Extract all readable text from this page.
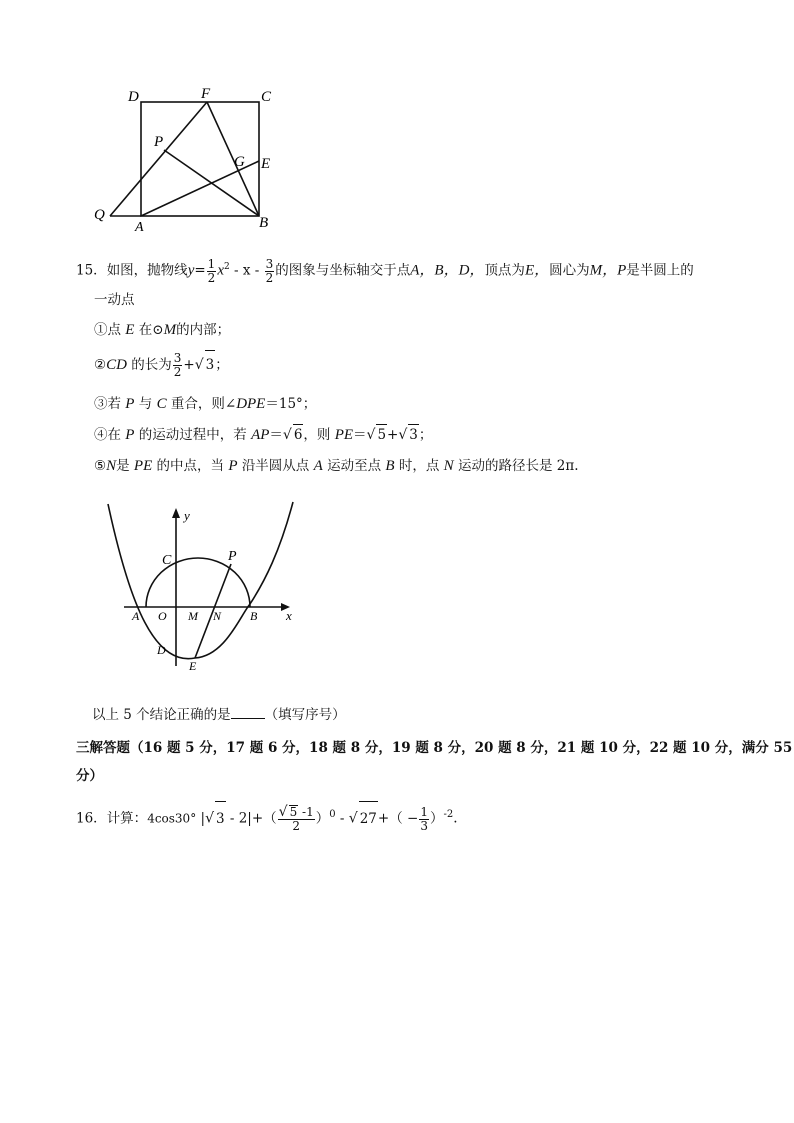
D	F	C
P
G E
Q
A	B
15．如图，抛物线$y= \frac{1}{2} x^2 - x - \frac{3}{2}$ 的图象与坐标轴交于点A，B，D，顶点为E，圆心为M，P是半圆上的
一动点
①点 E 在⊙M的内部；
②CD 的长为 $\frac{3}{2}$ +√ 3；
③若 P 与 C 重合，则∠DPE＝15°；
④在 P 的运动过程中，若 AP＝√ 6，则 PE＝√ 5+√ 3；
⑤N是 PE 的中点，当 P 沿半圆从点 A 运动至点 B 时，点 N 运动的路径长是 2π.
y
x
C	P
A O M N B
D
E
以上 5 个结论正确的是	（填写序号）
三解答题（16 题 5 分，17 题 6 分，18 题 8 分，19 题 8 分，20 题 8 分，21 题 10 分，22 题 10 分，满分 55
分）
16．计算：4cos30° |√ $3 - 2|+( \frac{√ 5 -1}{2} )^0$ - √ $27+( - \frac{1}{3} )^{-2}$.
